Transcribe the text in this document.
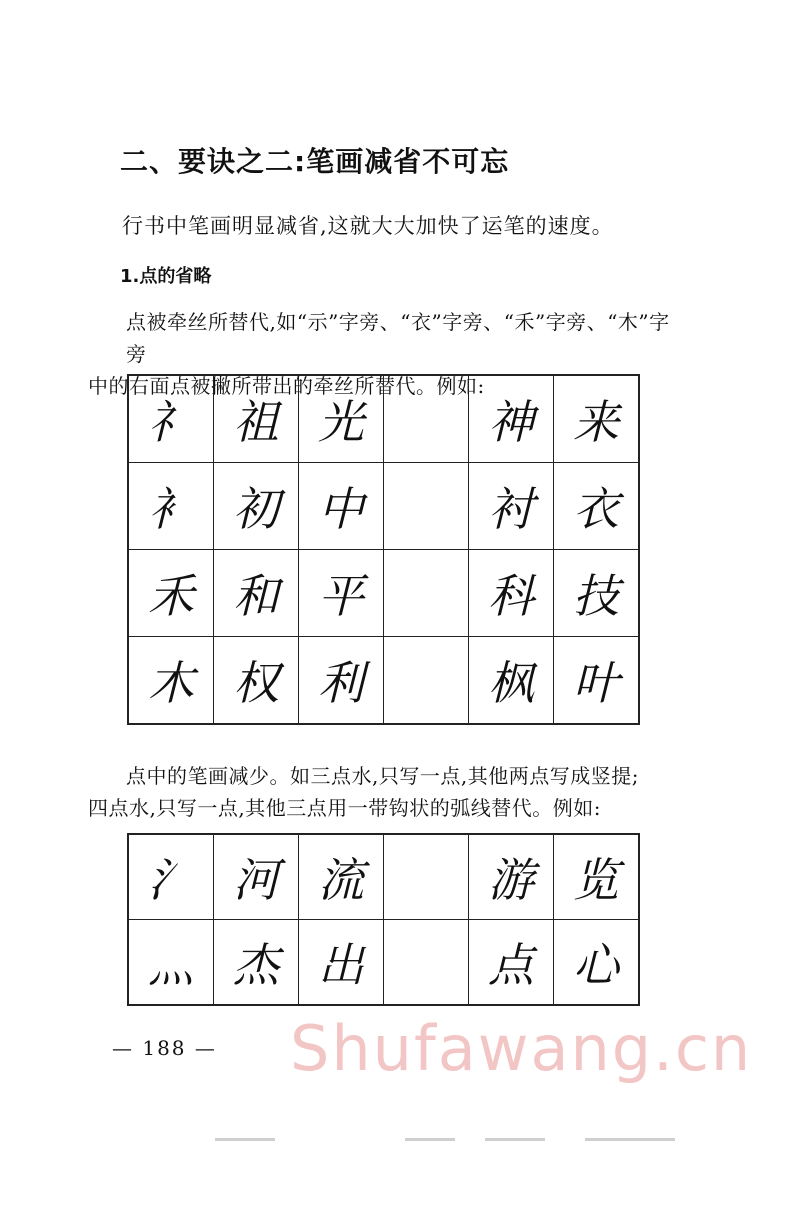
二、要诀之二:笔画减省不可忘
行书中笔画明显减省,这就大大加快了运笔的速度。
1.点的省略

点被牵丝所替代,如“示”字旁、“衣”字旁、“禾”字旁、“木”字旁

中的右面点被撇所带出的牵丝所替代。例如:

礻	祖	光		神	来
衤	初	中		衬	衣
禾	和	平		科	技
木	权	利		枫	叶

点中的笔画减少。如三点水,只写一点,其他两点写成竖提;

四点水,只写一点,其他三点用一带钩状的弧线替代。例如:

氵	河	流		游	览
灬	杰	出		点	心
— 188 — Shufawang.cn
